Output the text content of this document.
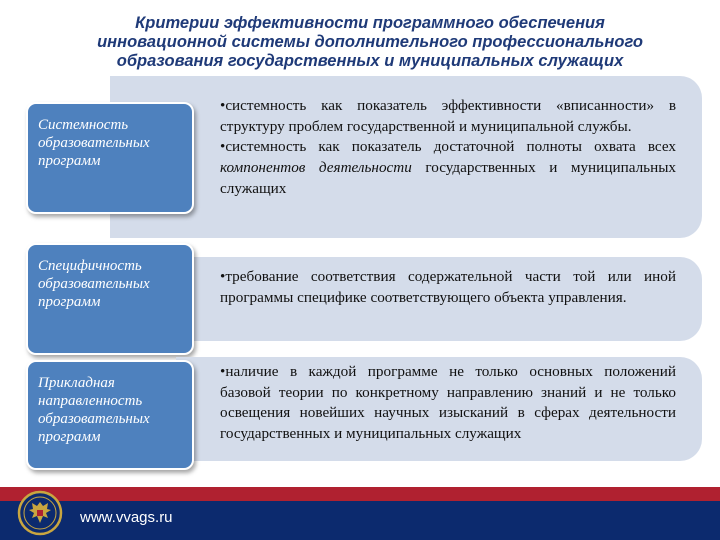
Критерии эффективности программного обеспечения
инновационной системы дополнительного профессионального
образования государственных и муниципальных служащих
Системность
образовательных
программ

•системность как показатель эффективности «вписанности» в структуру проблем государственной и муниципальной службы.

•системность как показатель достаточной полноты охвата всех компонентов деятельности государственных и муниципальных служащих

Специфичность
образовательных
программ

•требование соответствия содержательной части той или иной программы специфике соответствующего объекта управления.

Прикладная
направленность
образовательных
программ

•наличие в каждой программе не только основных положений базовой теории по конкретному направлению знаний и не только освещения новейших научных изысканий в сферах деятельности государственных и муниципальных служащих

www.vvags.ru
